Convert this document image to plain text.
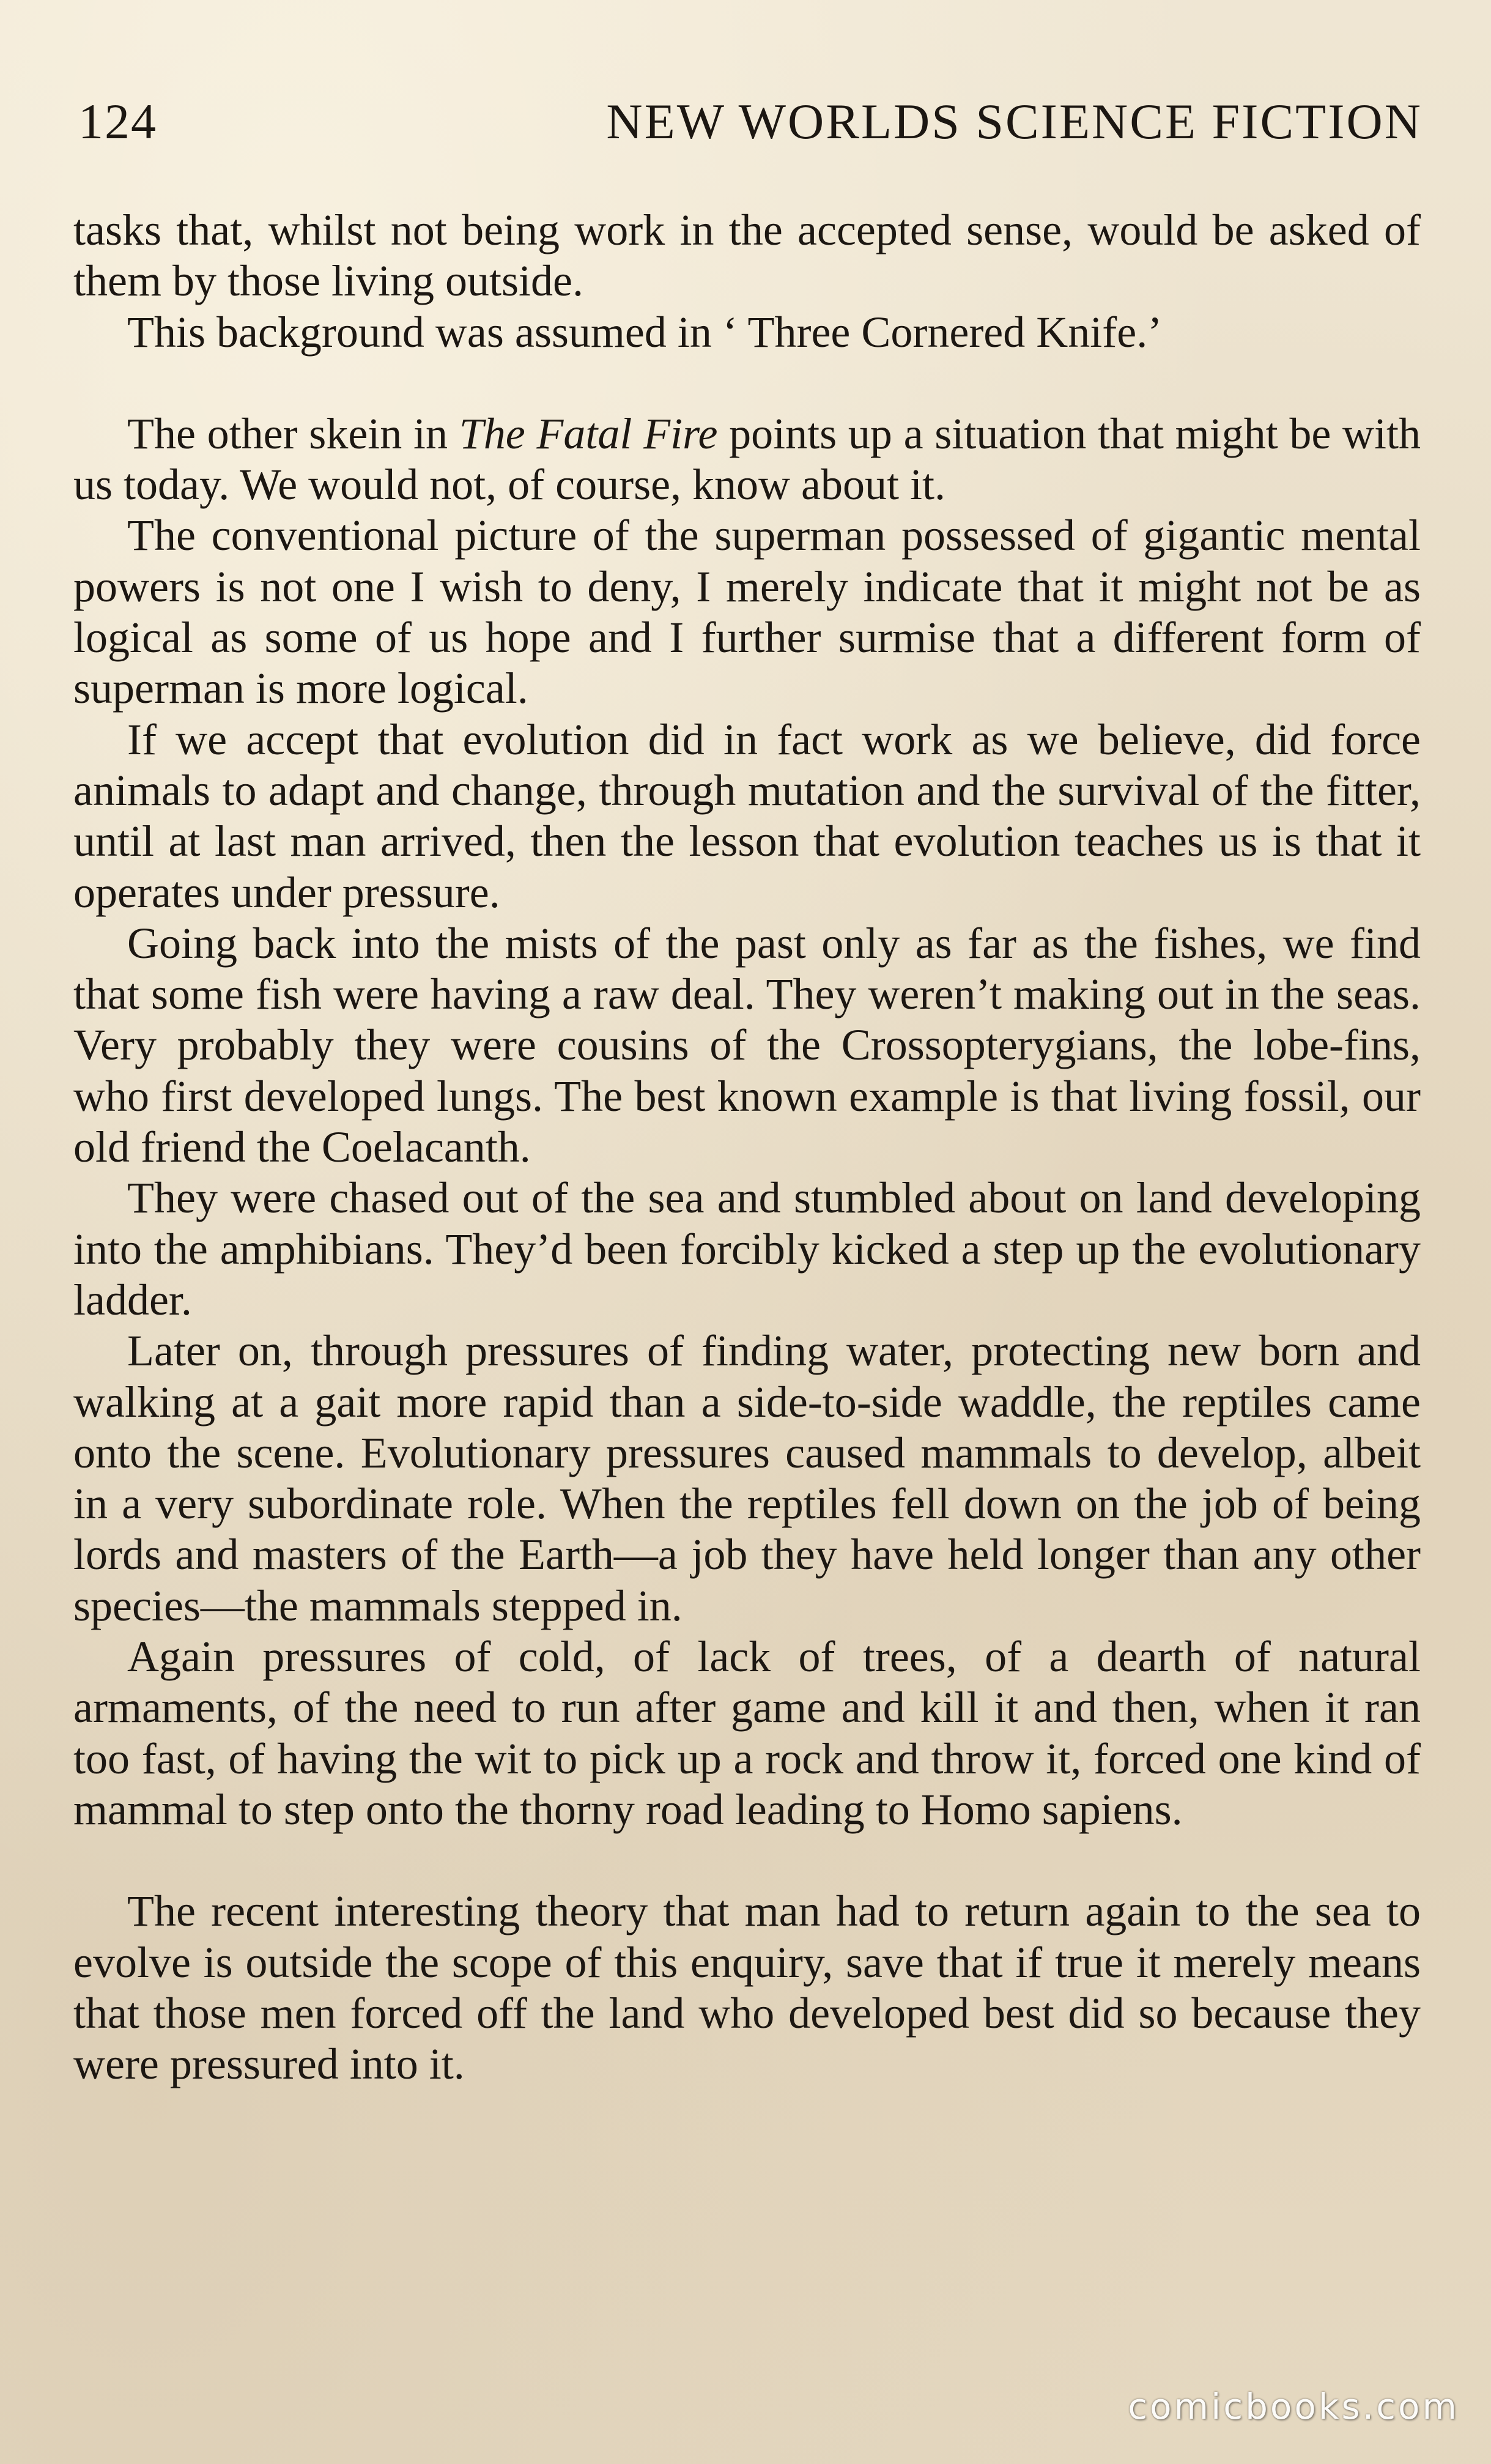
124	NEW WORLDS SCIENCE FICTION

tasks that, whilst not being work in the accepted sense, would be asked of them by those living outside.

This background was assumed in ‘ Three Cornered Knife.’

The other skein in The Fatal Fire points up a situation that might be with us today. We would not, of course, know about it.

The conventional picture of the superman possessed of gigantic mental powers is not one I wish to deny, I merely indicate that it might not be as logical as some of us hope and I further surmise that a different form of superman is more logical.

If we accept that evolution did in fact work as we believe, did force animals to adapt and change, through mutation and the survival of the fitter, until at last man arrived, then the lesson that evolution teaches us is that it operates under pressure.

Going back into the mists of the past only as far as the fishes, we find that some fish were having a raw deal. They weren’t making out in the seas. Very probably they were cousins of the Crossopterygians, the lobe-fins, who first developed lungs. The best known example is that living fossil, our old friend the Coelacanth.

They were chased out of the sea and stumbled about on land developing into the amphibians. They’d been forcibly kicked a step up the evolutionary ladder.

Later on, through pressures of finding water, protecting new born and walking at a gait more rapid than a side-to-side waddle, the reptiles came onto the scene. Evolutionary pressures caused mammals to develop, albeit in a very subordinate role. When the reptiles fell down on the job of being lords and masters of the Earth—a job they have held longer than any other species—the mammals stepped in.

Again pressures of cold, of lack of trees, of a dearth of natural armaments, of the need to run after game and kill it and then, when it ran too fast, of having the wit to pick up a rock and throw it, forced one kind of mammal to step onto the thorny road leading to Homo sapiens.

The recent interesting theory that man had to return again to the sea to evolve is outside the scope of this enquiry, save that if true it merely means that those men forced off the land who developed best did so because they were pressured into it.

comicbooks.com
